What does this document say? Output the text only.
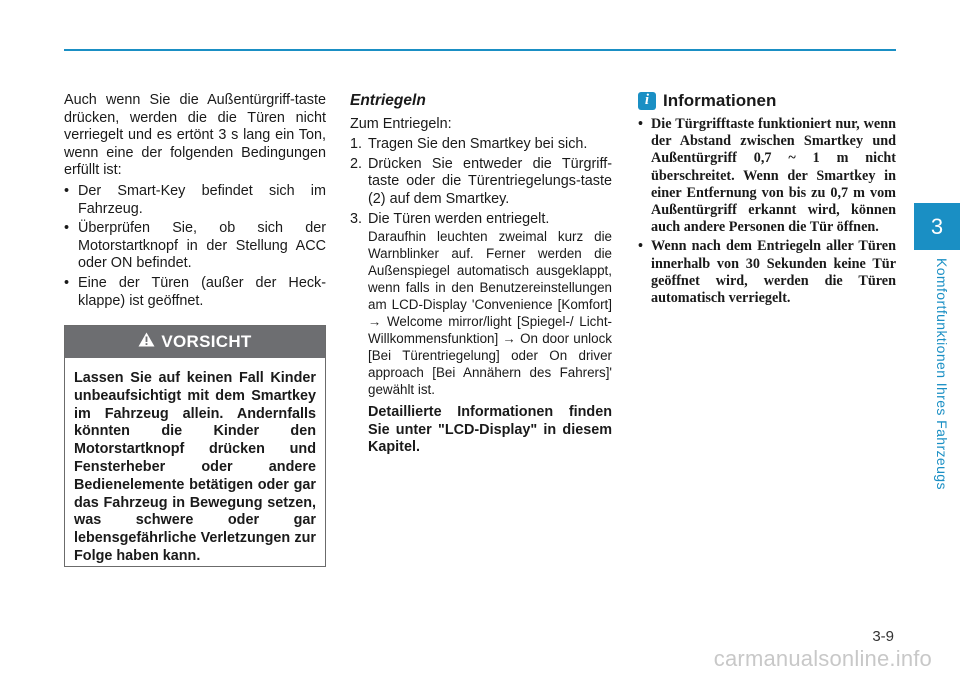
Auch wenn Sie die Außentürgriff-taste drücken, werden die die Türen nicht verriegelt und es ertönt 3 s lang ein Ton, wenn eine der folgenden Bedingungen erfüllt ist:

• Der Smart-Key befindet sich im Fahrzeug.
• Überprüfen Sie, ob sich der Motorstartknopf in der Stellung ACC oder ON befindet.
• Eine der Türen (außer der Heck-klappe) ist geöffnet.
VORSICHT
Lassen Sie auf keinen Fall Kinder unbeaufsichtigt mit dem Smartkey im Fahrzeug allein. Andernfalls könnten die Kinder den Motorstartknopf drücken und Fensterheber oder andere Bedienelemente betätigen oder gar das Fahrzeug in Bewegung setzen, was schwere oder gar lebensgefährliche Verletzungen zur Folge haben kann.

Entriegeln

Zum Entriegeln:

1. Tragen Sie den Smartkey bei sich.
2. Drücken Sie entweder die Türgriff-taste oder die Türentriegelungs-taste (2) auf dem Smartkey.
3. Die Türen werden entriegelt.
Daraufhin leuchten zweimal kurz die Warnblinker auf. Ferner werden die Außenspiegel automatisch ausgeklappt, wenn falls in den Benutzereinstellungen am LCD-Display 'Convenience [Komfort] → Welcome mirror/light [Spiegel-/ Licht-Willkommensfunktion] → On door unlock [Bei Türentriegelung] oder On driver approach [Bei Annähern des Fahrers]' gewählt ist.

Detaillierte Informationen finden Sie unter "LCD-Display" in diesem Kapitel.

i Informationen
• Die Türgrifftaste funktioniert nur, wenn der Abstand zwischen Smartkey und Außentürgriff 0,7 ~ 1 m nicht überschreitet. Wenn der Smartkey in einer Entfernung von bis zu 0,7 m vom Außentürgriff erkannt wird, können auch andere Personen die Tür öffnen.
• Wenn nach dem Entriegeln aller Türen innerhalb von 30 Sekunden keine Tür geöffnet wird, werden die Türen automatisch verriegelt.
3
Komfortfunktionen Ihres Fahrzeugs
3-9
carmanualsonline.info
